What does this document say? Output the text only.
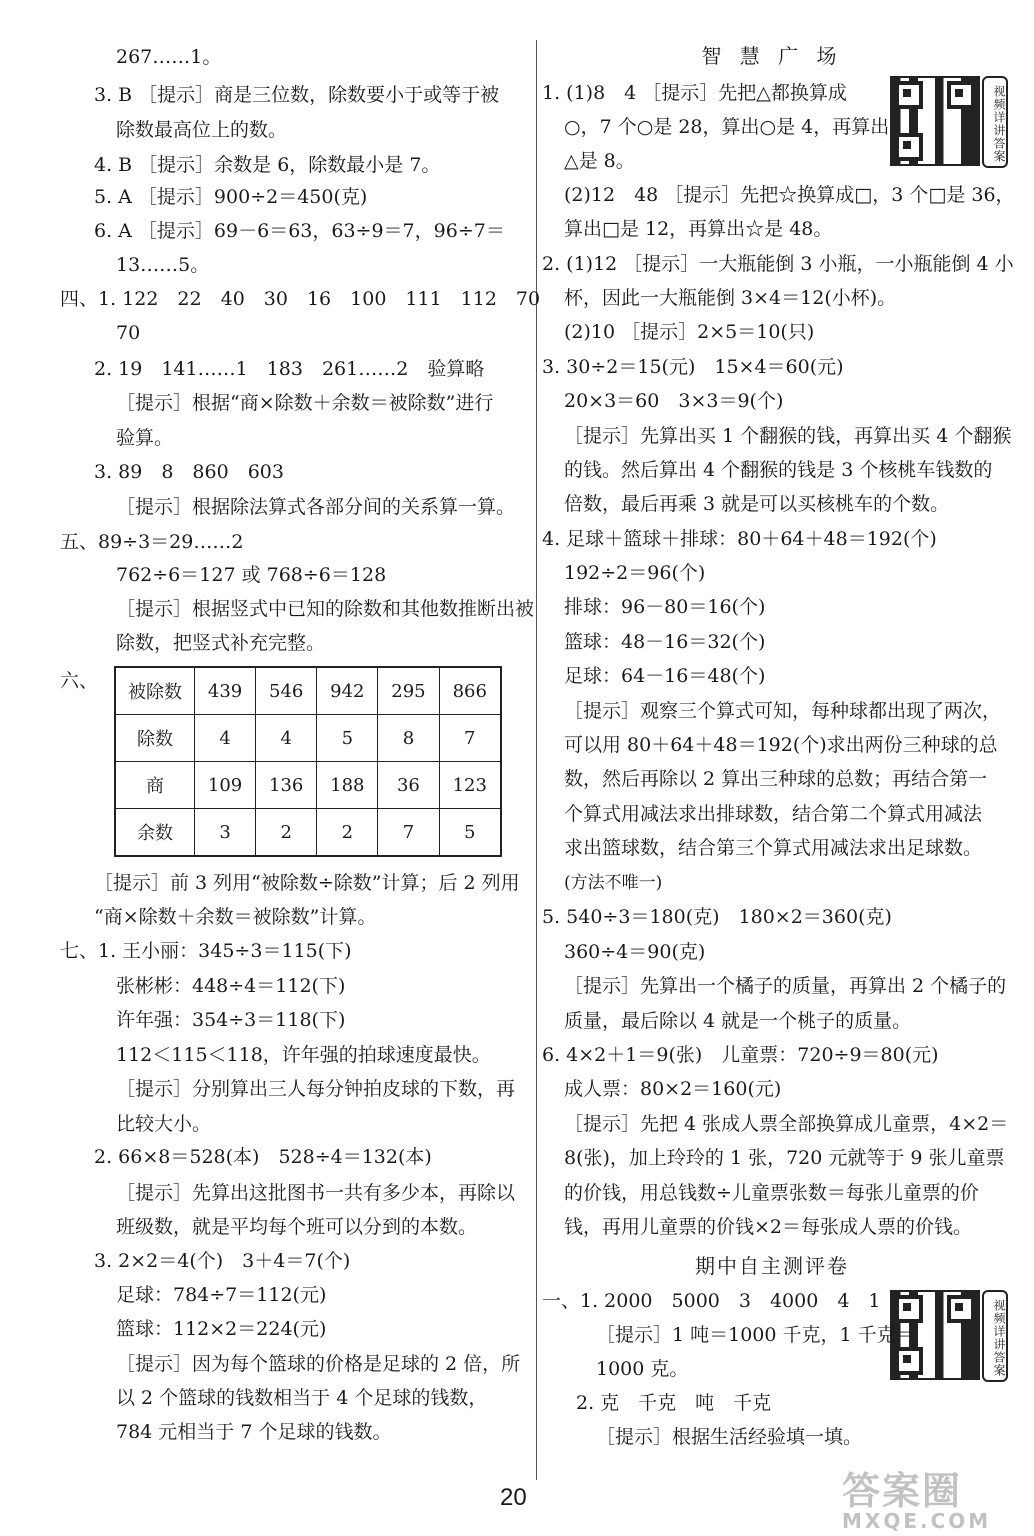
267……1。
3. B ［提示］商是三位数，除数要小于或等于被
除数最高位上的数。
4. B ［提示］余数是 6，除数最小是 7。
5. A ［提示］900÷2＝450(克)
6. A ［提示］69－6＝63，63÷9＝7，96÷7＝
13……5。
四、1. 122　22　40　30　16　100　111　112　70
70
2. 19　141……1　183　261……2　验算略
［提示］根据“商×除数＋余数＝被除数”进行
验算。
3. 89　8　860　603
［提示］根据除法算式各部分间的关系算一算。
五、89÷3＝29……2
762÷6＝127 或 768÷6＝128
［提示］根据竖式中已知的除数和其他数推断出被
除数，把竖式补充完整。
六、
被除数	439	546	942	295	866
除数	4	4	5	8	7
商	109	136	188	36	123
余数	3	2	2	7	5
［提示］前 3 列用“被除数÷除数”计算；后 2 列用
“商×除数＋余数＝被除数”计算。
七、1. 王小丽：345÷3＝115(下)
张彬彬：448÷4＝112(下)
许年强：354÷3＝118(下)
112＜115＜118，许年强的拍球速度最快。
［提示］分别算出三人每分钟拍皮球的下数，再
比较大小。
2. 66×8＝528(本)　528÷4＝132(本)
［提示］先算出这批图书一共有多少本，再除以
班级数，就是平均每个班可以分到的本数。
3. 2×2＝4(个)　3＋4＝7(个)
足球：784÷7＝112(元)
篮球：112×2＝224(元)
［提示］因为每个篮球的价格是足球的 2 倍，所
以 2 个篮球的钱数相当于 4 个足球的钱数，
784 元相当于 7 个足球的钱数。
智 慧 广 场
视频详讲答案
1. (1)8　4 ［提示］先把△都换算成
○，7 个○是 28，算出○是 4，再算出
△是 8。
(2)12　48 ［提示］先把☆换算成□，3 个□是 36，
算出□是 12，再算出☆是 48。
2. (1)12 ［提示］一大瓶能倒 3 小瓶，一小瓶能倒 4 小
杯，因此一大瓶能倒 3×4＝12(小杯)。
(2)10 ［提示］2×5＝10(只)
3. 30÷2＝15(元)　15×4＝60(元)
20×3＝60　3×3＝9(个)
［提示］先算出买 1 个翻猴的钱，再算出买 4 个翻猴
的钱。然后算出 4 个翻猴的钱是 3 个核桃车钱数的
倍数，最后再乘 3 就是可以买核桃车的个数。
4. 足球＋篮球＋排球：80＋64＋48＝192(个)
192÷2＝96(个)
排球：96－80＝16(个)
篮球：48－16＝32(个)
足球：64－16＝48(个)
［提示］观察三个算式可知，每种球都出现了两次，
可以用 80＋64＋48＝192(个)求出两份三种球的总
数，然后再除以 2 算出三种球的总数；再结合第一
个算式用减法求出排球数，结合第二个算式用减法
求出篮球数，结合第三个算式用减法求出足球数。
(方法不唯一)
5. 540÷3＝180(克)　180×2＝360(克)
360÷4＝90(克)
［提示］先算出一个橘子的质量，再算出 2 个橘子的
质量，最后除以 4 就是一个桃子的质量。
6. 4×2＋1＝9(张)　儿童票：720÷9＝80(元)
成人票：80×2＝160(元)
［提示］先把 4 张成人票全部换算成儿童票，4×2＝
8(张)，加上玲玲的 1 张，720 元就等于 9 张儿童票
的价钱，用总钱数÷儿童票张数＝每张儿童票的价
钱，再用儿童票的价钱×2＝每张成人票的价钱。
期中自主测评卷
视频详讲答案
一、1. 2000　5000　3　4000　4　1
［提示］1 吨＝1000 千克，1 千克＝
1000 克。
2. 克　千克　吨　千克
［提示］根据生活经验填一填。
20	答案圈
MXQE.COM
